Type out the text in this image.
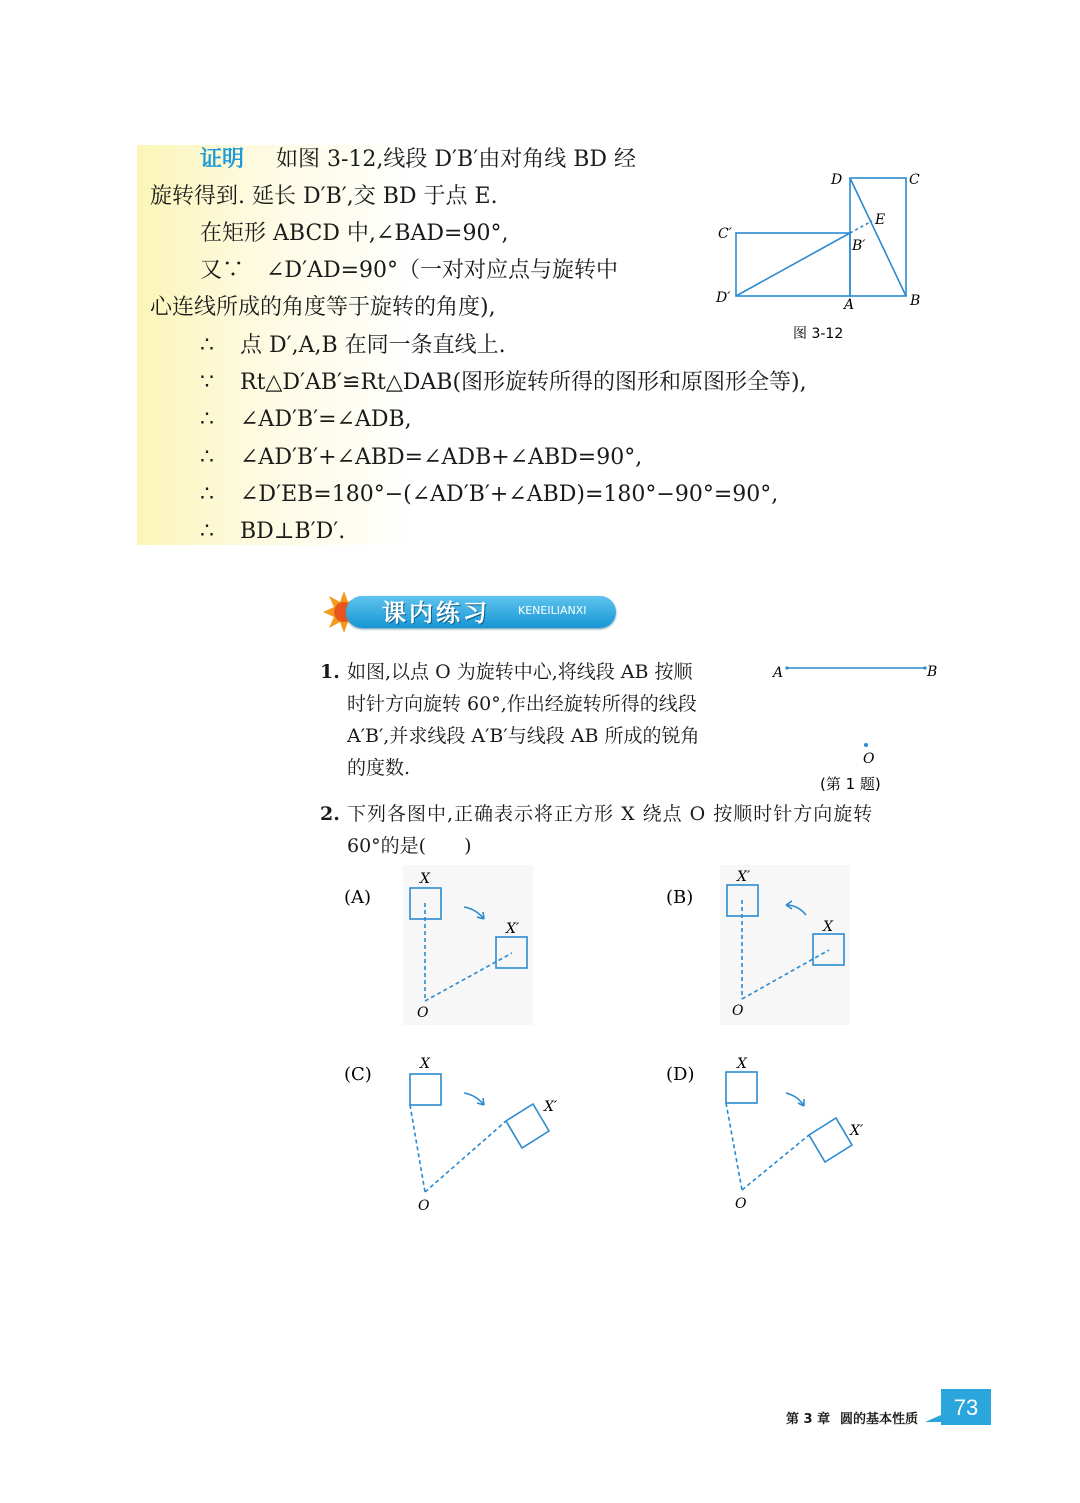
证明 如图 3-12,线段 D′B′由对角线 BD 经
旋转得到. 延长 D′B′,交 BD 于点 E.
在矩形 ABCD 中,∠BAD=90°,
又∵　∠D′AD=90°（一对对应点与旋转中
心连线所成的角度等于旋转的角度),
∴ 点 D′,A,B 在同一条直线上.
∵ Rt△D′AB′≌Rt△DAB(图形旋转所得的图形和原图形全等),
∴ ∠AD′B′=∠ADB,
∴ ∠AD′B′+∠ABD=∠ADB+∠ABD=90°,
∴ ∠D′EB=180°−(∠AD′B′+∠ABD)=180°−90°=90°,
∴ BD⊥B′D′.
D	C
E
C′
B′
D′	A	B
图 3-12
课内练习	KENEILIANXI
1. 如图,以点 O 为旋转中心,将线段 AB 按顺
时针方向旋转 60°,作出经旋转所得的线段
A′B′,并求线段 A′B′与线段 AB 所成的锐角
的度数.
A	B
O
(第 1 题)
2. 下列各图中,正确表示将正方形 X 绕点 O 按顺时针方向旋转
60°的是(　　)
(A)
X
X′
O
(B)
X′
X
O
(C)	X
X′
O
(D)	X
X′
O
第 3 章 圆的基本性质 73
